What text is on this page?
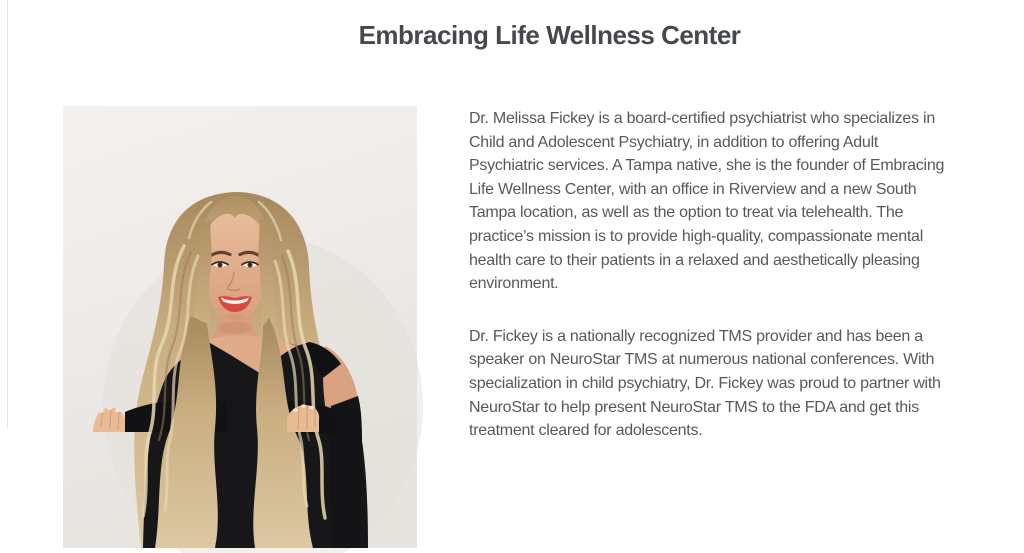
Embracing Life Wellness Center
Dr. Melissa Fickey is a board-certified psychiatrist who specializes in
Child and Adolescent Psychiatry, in addition to offering Adult
Psychiatric services. A Tampa native, she is the founder of Embracing
Life Wellness Center, with an office in Riverview and a new South
Tampa location, as well as the option to treat via telehealth. The
practice’s mission is to provide high-quality, compassionate mental
health care to their patients in a relaxed and aesthetically pleasing
environment.
Dr. Fickey is a nationally recognized TMS provider and has been a
speaker on NeuroStar TMS at numerous national conferences. With
specialization in child psychiatry, Dr. Fickey was proud to partner with
NeuroStar to help present NeuroStar TMS to the FDA and get this
treatment cleared for adolescents.
